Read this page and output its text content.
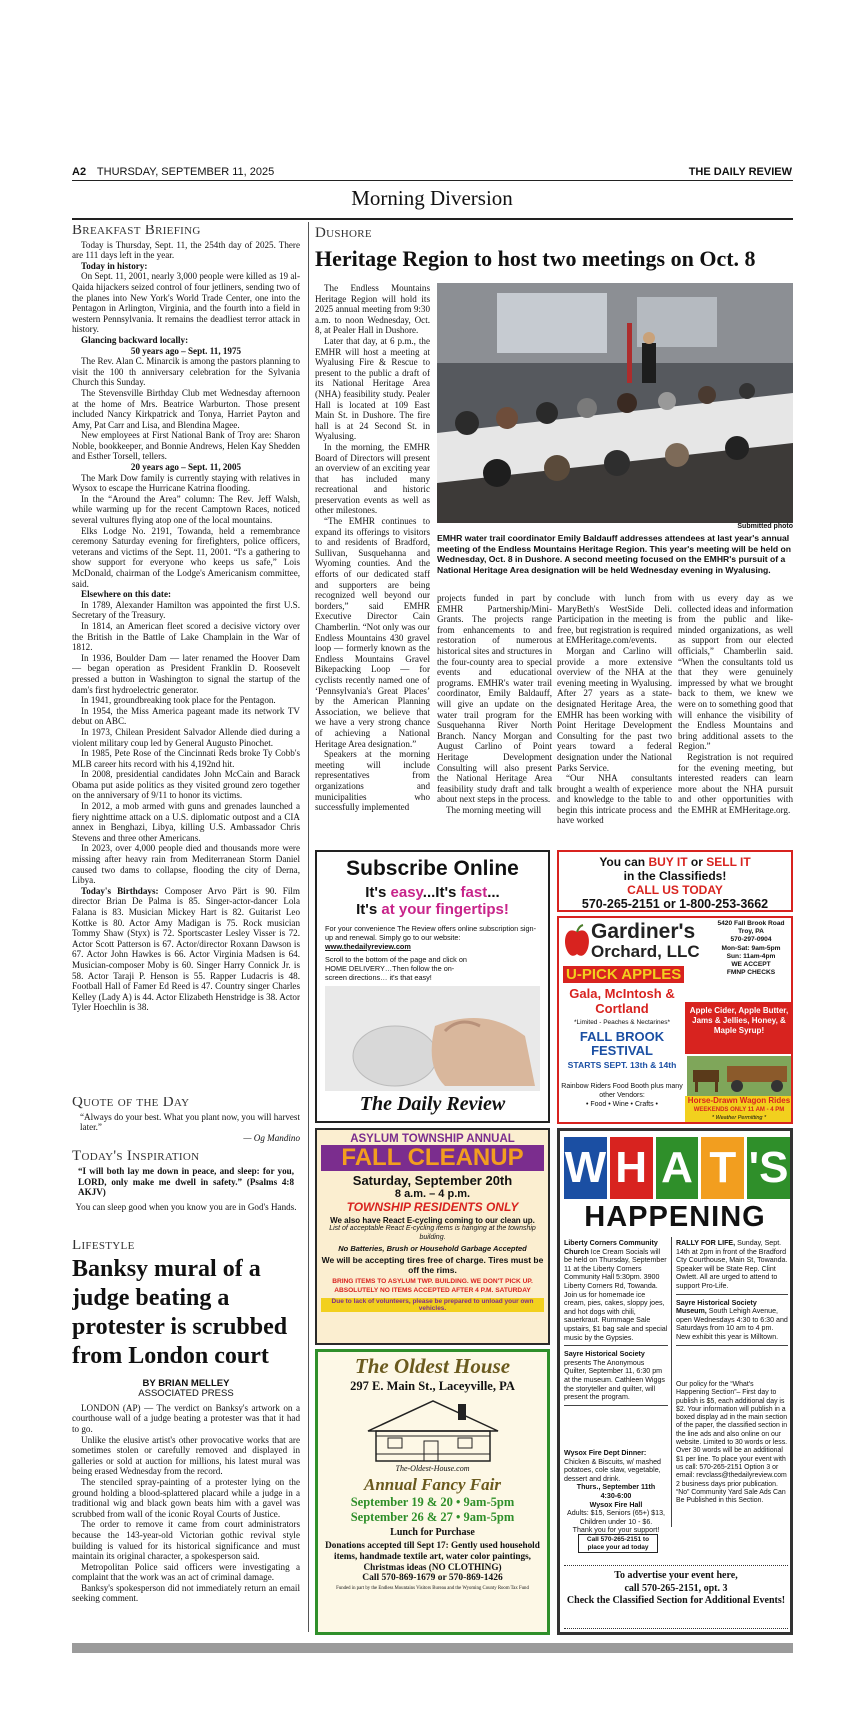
A2 THURSDAY, SEPTEMBER 11, 2025	THE DAILY REVIEW
Morning Diversion
Breakfast Briefing

Today is Thursday, Sept. 11, the 254th day of 2025. There are 111 days left in the year.

Today in history:

On Sept. 11, 2001, nearly 3,000 people were killed as 19 al-Qaida hijackers seized control of four jetliners, sending two of the planes into New York's World Trade Center, one into the Pentagon in Arlington, Virginia, and the fourth into a field in western Pennsylvania. It remains the deadliest terror attack in history.

Glancing backward locally:

50 years ago – Sept. 11, 1975

The Rev. Alan C. Minarcik is among the pastors planning to visit the 100 th anniversary celebration for the Sylvania Church this Sunday.

The Stevensville Birthday Club met Wednesday afternoon at the home of Mrs. Beatrice Warburton. Those present included Nancy Kirkpatrick and Tonya, Harriet Payton and Amy, Pat Carr and Lisa, and Blendina Magee.

New employees at First National Bank of Troy are: Sharon Noble, bookkeeper, and Bonnie Andrews, Helen Kay Shedden and Esther Torsell, tellers.

20 years ago – Sept. 11, 2005

The Mark Dow family is currently staying with relatives in Wysox to escape the Hurricane Katrina flooding.

In the “Around the Area” column: The Rev. Jeff Walsh, while warming up for the recent Camptown Races, noticed several vultures flying atop one of the local mountains.

Elks Lodge No. 2191, Towanda, held a remembrance ceremony Saturday evening for firefighters, police officers, veterans and victims of the Sept. 11, 2001. “I's a gathering to show support for everyone who keeps us safe,” Lois McDonald, chairman of the Lodge's Americanism committee, said.

Elsewhere on this date:

In 1789, Alexander Hamilton was appointed the first U.S. Secretary of the Treasury.

In 1814, an American fleet scored a decisive victory over the British in the Battle of Lake Champlain in the War of 1812.

In 1936, Boulder Dam — later renamed the Hoover Dam — began operation as President Franklin D. Roosevelt pressed a button in Washington to signal the startup of the dam's first hydroelectric generator.

In 1941, groundbreaking took place for the Pentagon.

In 1954, the Miss America pageant made its network TV debut on ABC.

In 1973, Chilean President Salvador Allende died during a violent military coup led by General Augusto Pinochet.

In 1985, Pete Rose of the Cincinnati Reds broke Ty Cobb's MLB career hits record with his 4,192nd hit.

In 2008, presidential candidates John McCain and Barack Obama put aside politics as they visited ground zero together on the anniversary of 9/11 to honor its victims.

In 2012, a mob armed with guns and grenades launched a fiery nighttime attack on a U.S. diplomatic outpost and a CIA annex in Benghazi, Libya, killing U.S. Ambassador Chris Stevens and three other Americans.

In 2023, over 4,000 people died and thousands more were missing after heavy rain from Mediterranean Storm Daniel caused two dams to collapse, flooding the city of Derna, Libya.

Today's Birthdays: Composer Arvo Pärt is 90. Film director Brian De Palma is 85. Singer-actor-dancer Lola Falana is 83. Musician Mickey Hart is 82. Guitarist Leo Kottke is 80. Actor Amy Madigan is 75. Rock musician Tommy Shaw (Styx) is 72. Sportscaster Lesley Visser is 72. Actor Scott Patterson is 67. Actor/director Roxann Dawson is 67. Actor John Hawkes is 66. Actor Virginia Madsen is 64. Musician-composer Moby is 60. Singer Harry Connick Jr. is 58. Actor Taraji P. Henson is 55. Rapper Ludacris is 48. Football Hall of Famer Ed Reed is 47. Country singer Charles Kelley (Lady A) is 44. Actor Elizabeth Henstridge is 38. Actor Tyler Hoechlin is 38.

Quote of the Day
“Always do your best. What you plant now, you will harvest later.”
— Og Mandino
Today's Inspiration
“I will both lay me down in peace, and sleep: for you, LORD, only make me dwell in safety.” (Psalms 4:8 AKJV)
You can sleep good when you know you are in God's Hands.
Lifestyle
Banksy mural of a judge beating a protester is scrubbed from London court
BY BRIAN MELLEY
ASSOCIATED PRESS

LONDON (AP) — The verdict on Banksy's artwork on a courthouse wall of a judge beating a protester was that it had to go.

Unlike the elusive artist's other provocative works that are sometimes stolen or carefully removed and displayed in galleries or sold at auction for millions, his latest mural was being erased Wednesday from the record.

The stenciled spray-painting of a protester lying on the ground holding a blood-splattered placard while a judge in a traditional wig and black gown beats him with a gavel was scrubbed from wall of the iconic Royal Courts of Justice.

The order to remove it came from court administrators because the 143-year-old Victorian gothic revival style building is valued for its historical significance and must maintain its original character, a spokesperson said.

Metropolitan Police said officers were investigating a complaint that the work was an act of criminal damage.

Banksy's spokesperson did not immediately return an email seeking comment.

Dushore
Heritage Region to host two meetings on Oct. 8

The Endless Mountains Heritage Region will hold its 2025 annual meeting from 9:30 a.m. to noon Wednesday, Oct. 8, at Pealer Hall in Dushore.

Later that day, at 6 p.m., the EMHR will host a meeting at Wyalusing Fire & Rescue to present to the public a draft of its National Heritage Area (NHA) feasibility study. Pealer Hall is located at 109 East Main St. in Dushore. The fire hall is at 24 Second St. in Wyalusing.

In the morning, the EMHR Board of Directors will present an overview of an exciting year that has included many recreational and historic preservation events as well as other milestones.

“The EMHR continues to expand its offerings to visitors to and residents of Bradford, Sullivan, Susquehanna and Wyoming counties. And the efforts of our dedicated staff and supporters are being recognized well beyond our borders,” said EMHR Executive Director Cain Chamberlin. “Not only was our Endless Mountains 430 gravel loop — formerly known as the Endless Mountains Gravel Bikepacking Loop — for cyclists recently named one of ‘Pennsylvania's Great Places’ by the American Planning Association, we believe that we have a very strong chance of achieving a National Heritage Area designation.”

Speakers at the morning meeting will include representatives from organizations and municipalities who successfully implemented

Submitted photo
EMHR water trail coordinator Emily Baldauff addresses attendees at last year's annual meeting of the Endless Mountains Heritage Region. This year's meeting will be held on Wednesday, Oct. 8 in Dushore. A second meeting focused on the EMHR's pursuit of a National Heritage Area designation will be held Wednesday evening in Wyalusing.

projects funded in part by EMHR Partnership/Mini-Grants. The projects range from enhancements to and restoration of numerous historical sites and structures in the four-county area to special events and educational programs. EMHR's water trail coordinator, Emily Baldauff, will give an update on the water trail program for the Susquehanna River North Branch. Nancy Morgan and August Carlino of Point Heritage Development Consulting will also present the National Heritage Area feasibility study draft and talk about next steps in the process.

The morning meeting will

conclude with lunch from MaryBeth's WestSide Deli. Participation in the meeting is free, but registration is required at EMHeritage.com/events.

Morgan and Carlino will provide a more extensive overview of the NHA at the evening meeting in Wyalusing. After 27 years as a state-designated Heritage Area, the EMHR has been working with Point Heritage Development Consulting for the past two years toward a federal designation under the National Parks Service.

“Our NHA consultants brought a wealth of experience and knowledge to the table to begin this intricate process and have worked

with us every day as we collected ideas and information from the public and like-minded organizations, as well as support from our elected officials,” Chamberlin said. “When the consultants told us that they were genuinely impressed by what we brought back to them, we knew we were on to something good that will enhance the visibility of the Endless Mountains and bring additional assets to the Region.”

Registration is not required for the evening meeting, but interested readers can learn more about the NHA pursuit and other opportunities with the EMHR at EMHeritage.org.

Subscribe Online
It's easy...It's fast...
It's at your fingertips!
For your convenience The Review offers online subscription sign-up and renewal. Simply go to our website: www.thedailyreview.com
Scroll to the bottom of the page and click on HOME DELIVERY…Then follow the on-screen directions… it's that easy!
The Daily Review
You can BUY IT or SELL IT
in the Classifieds!
CALL US TODAY
570-265-2151 or 1-800-253-3662
Gardiner's
Orchard, LLC
5420 Fall Brook Road
Troy, PA
570-297-0904
Mon-Sat: 9am-5pm
Sun: 11am-4pm
WE ACCEPT
FMNP CHECKS
U-PICK APPLES
Gala, McIntosh & Cortland
*Limited - Peaches & Nectarines*
Apple Cider, Apple Butter, Jams & Jellies, Honey, & Maple Syrup!
FALL BROOK
FESTIVAL
STARTS SEPT. 13th & 14th
Rainbow Riders Food Booth plus many other Vendors:
• Food • Wine • Crafts •	Horse-Drawn Wagon Rides
WEEKENDS ONLY 11 AM - 4 PM
* Weather Permitting *
ASYLUM TOWNSHIP ANNUAL
FALL CLEANUP
Saturday, September 20th
8 a.m. – 4 p.m.
TOWNSHIP RESIDENTS ONLY
We also have React E-cycling coming to our clean up.
List of acceptable React E-cycling items is hanging at the township building.
No Batteries, Brush or Household Garbage Accepted
We will be accepting tires free of charge. Tires must be off the rims.
BRING ITEMS TO ASYLUM TWP. BUILDING. WE DON'T PICK UP. ABSOLUTELY NO ITEMS ACCEPTED AFTER 4 P.M. SATURDAY
Due to lack of volunteers, please be prepared to unload your own vehicles.
The Oldest House
297 E. Main St., Laceyville, PA
The-Oldest-House.com
Annual Fancy Fair
September 19 & 20 • 9am-5pm
September 26 & 27 • 9am-5pm
Lunch for Purchase
Donations accepted till Sept 17: Gently used household items, handmade textile art, water color paintings, Christmas ideas (NO CLOTHING)
Call 570-869-1679 or 570-869-1426
Funded in part by the Endless Mountains Visitors Bureau and the Wyoming County Room Tax Fund
W H A T 'S
HAPPENING
Liberty Corners Community Church Ice Cream Socials will be held on Thursday, September 11 at the Liberty Corners Community Hall 5:30pm. 3900 Liberty Corners Rd, Towanda. Join us for homemade ice cream, pies, cakes, sloppy joes, and hot dogs with chili, sauerkraut. Rummage Sale upstairs, $1 bag sale and special music by the Gypsies.
Sayre Historical Society presents The Anonymous Quilter, September 11, 6:30 pm at the museum. Cathleen Wiggs the storyteller and quilter, will present the program.
Wysox Fire Dept Dinner:
Chicken & Biscuits, w/ mashed potatoes, cole slaw, vegetable, dessert and drink.
Thurs., September 11th
4:30-6:00
Wysox Fire Hall
Adults: $15, Seniors (65+) $13, Children under 10 - $6.
Thank you for your support!
Call 570-265-2151 to place your ad today
RALLY FOR LIFE, Sunday, Sept. 14th at 2pm in front of the Bradford Cty Courthouse, Main St, Towanda. Speaker will be State Rep. Clint Owlett. All are urged to attend to support Pro-Life.
Sayre Historical Society Museum, South Lehigh Avenue, open Wednesdays 4:30 to 6:30 and Saturdays from 10 am to 4 pm. New exhibit this year is Milltown.
Our policy for the “What's Happening Section”– First day to publish is $5, each additional day is $2. Your information will publish in a boxed display ad in the main section of the paper, the classified section in the line ads and also online on our website. Limited to 30 words or less. Over 30 words will be an additional $1 per line. To place your event with us call: 570-265-2151 Option 3 or email: revclass@thedailyreview.com 2 business days prior publication. “No” Community Yard Sale Ads Can Be Published in this Section.
To advertise your event here,
call 570-265-2151, opt. 3
Check the Classified Section for Additional Events!
